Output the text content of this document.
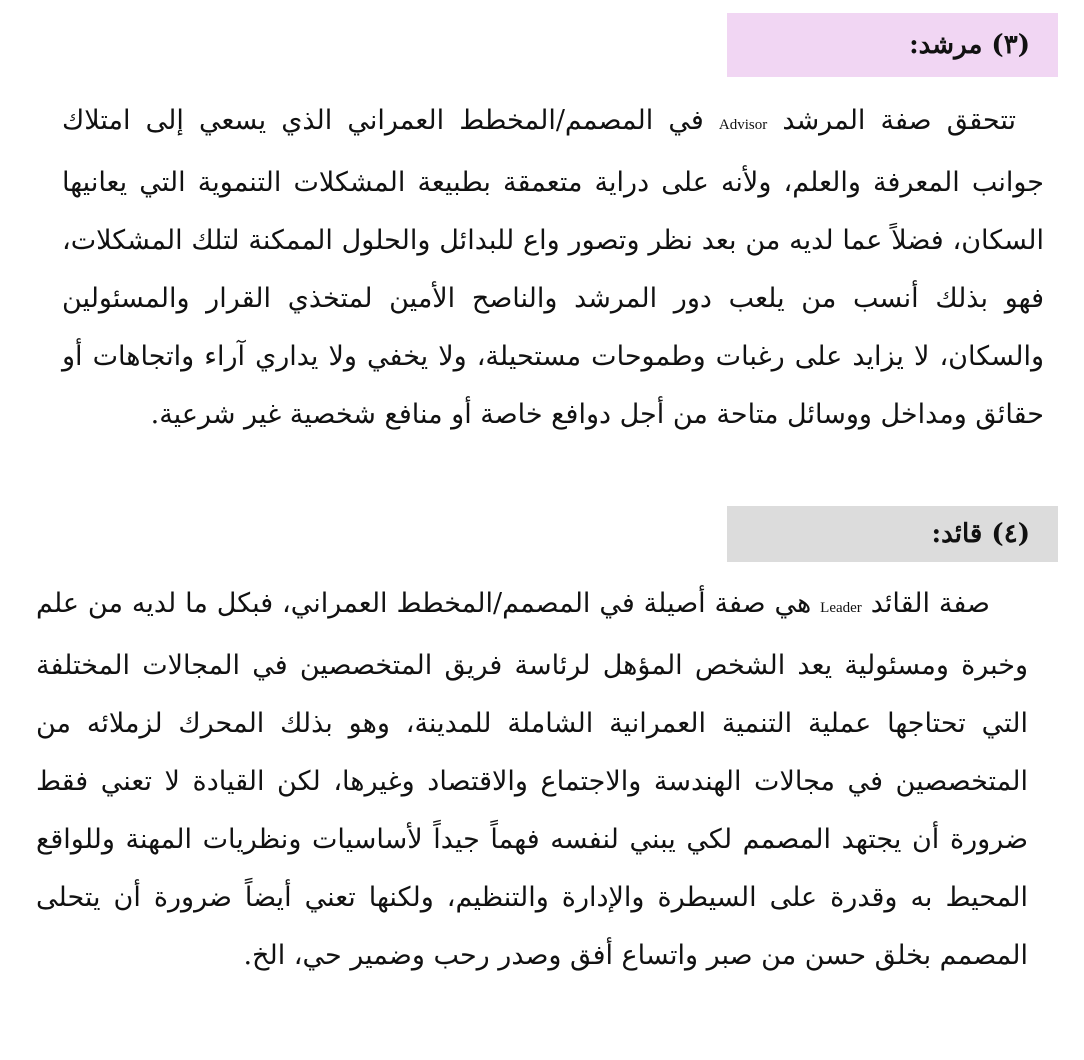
(٣) مرشد:

تتحقق صفة المرشد Advisor في المصمم/المخطط العمراني الذي يسعي إلى امتلاك جوانب المعرفة والعلم، ولأنه على دراية متعمقة بطبيعة المشكلات التنموية التي يعانيها السكان، فضلاً عما لديه من بعد نظر وتصور واع للبدائل والحلول الممكنة لتلك المشكلات، فهو بذلك أنسب من يلعب دور المرشد والناصح الأمين لمتخذي القرار والمسئولين والسكان، لا يزايد على رغبات وطموحات مستحيلة، ولا يخفي ولا يداري آراء واتجاهات أو حقائق ومداخل ووسائل متاحة من أجل دوافع خاصة أو منافع شخصية غير شرعية.

(٤) قائد:

صفة القائد Leader هي صفة أصيلة في المصمم/المخطط العمراني، فبكل ما لديه من علم وخبرة ومسئولية يعد الشخص المؤهل لرئاسة فريق المتخصصين في المجالات المختلفة التي تحتاجها عملية التنمية العمرانية الشاملة للمدينة، وهو بذلك المحرك لزملائه من المتخصصين في مجالات الهندسة والاجتماع والاقتصاد وغيرها، لكن القيادة لا تعني فقط ضرورة أن يجتهد المصمم لكي يبني لنفسه فهماً جيداً لأساسيات ونظريات المهنة وللواقع المحيط به وقدرة على السيطرة والإدارة والتنظيم، ولكنها تعني أيضاً ضرورة أن يتحلى المصمم بخلق حسن من صبر واتساع أفق وصدر رحب وضمير حي، الخ.
